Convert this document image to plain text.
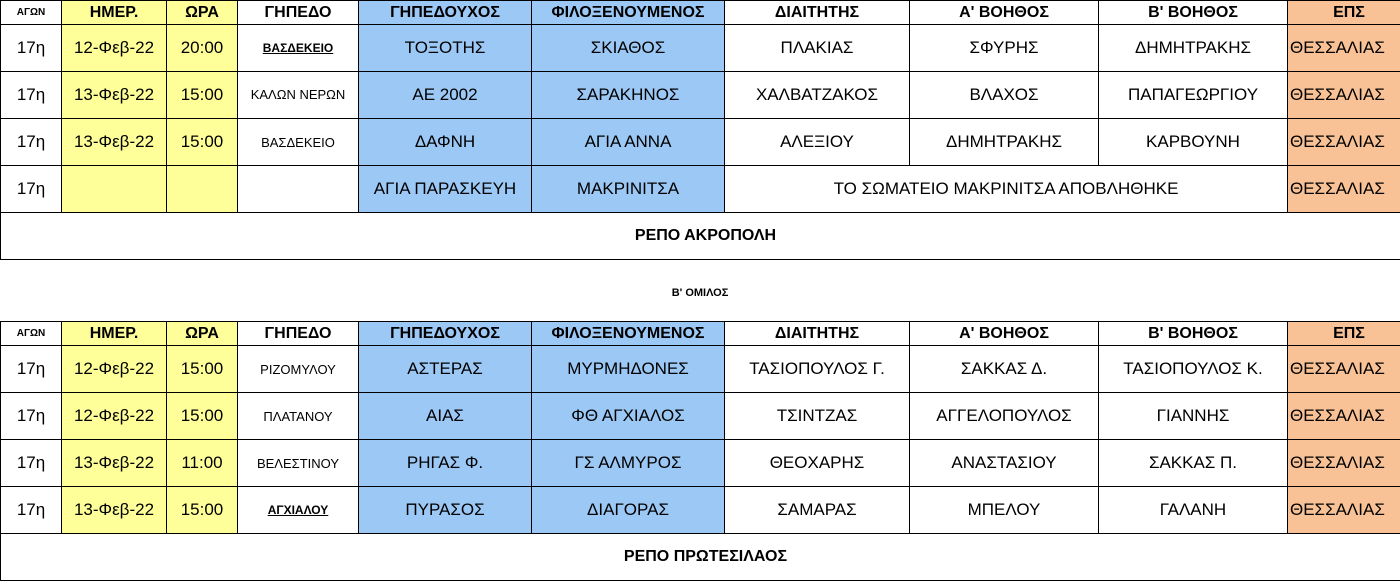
ΑΓΩΝ	ΗΜΕΡ.	ΩΡΑ	ΓΗΠΕΔΟ	ΓΗΠΕΔΟΥΧΟΣ	ΦΙΛΟΞΕΝΟΥΜΕΝΟΣ	ΔΙΑΙΤΗΤΗΣ	Α' ΒΟΗΘΟΣ	Β' ΒΟΗΘΟΣ	ΕΠΣ
17η	12-Φεβ-22	20:00	ΒΑΣΔΕΚΕΙΟ	ΤΟΞΟΤΗΣ	ΣΚΙΑΘΟΣ	ΠΛΑΚΙΑΣ	ΣΦΥΡΗΣ	ΔΗΜΗΤΡΑΚΗΣ	ΘΕΣΣΑΛΙΑΣ
17η	13-Φεβ-22	15:00	ΚΑΛΩΝ ΝΕΡΩΝ	ΑΕ 2002	ΣΑΡΑΚΗΝΟΣ	ΧΑΛΒΑΤΖΑΚΟΣ	ΒΛΑΧΟΣ	ΠΑΠΑΓΕΩΡΓΙΟΥ	ΘΕΣΣΑΛΙΑΣ
17η	13-Φεβ-22	15:00	ΒΑΣΔΕΚΕΙΟ	ΔΑΦΝΗ	ΑΓΙΑ ΑΝΝΑ	ΑΛΕΞΙΟΥ	ΔΗΜΗΤΡΑΚΗΣ	ΚΑΡΒΟΥΝΗ	ΘΕΣΣΑΛΙΑΣ
17η				ΑΓΙΑ ΠΑΡΑΣΚΕΥΗ	ΜΑΚΡΙΝΙΤΣΑ	ΤΟ ΣΩΜΑΤΕΙΟ ΜΑΚΡΙΝΙΤΣΑ ΑΠΟΒΛΗΘΗΚΕ			ΘΕΣΣΑΛΙΑΣ
ΡΕΠΟ ΑΚΡΟΠΟΛΗ									
Β' ΟΜΙΛΟΣ
ΑΓΩΝ	ΗΜΕΡ.	ΩΡΑ	ΓΗΠΕΔΟ	ΓΗΠΕΔΟΥΧΟΣ	ΦΙΛΟΞΕΝΟΥΜΕΝΟΣ	ΔΙΑΙΤΗΤΗΣ	Α' ΒΟΗΘΟΣ	Β' ΒΟΗΘΟΣ	ΕΠΣ
17η	12-Φεβ-22	15:00	ΡΙΖΟΜΥΛΟΥ	ΑΣΤΕΡΑΣ	ΜΥΡΜΗΔΟΝΕΣ	ΤΑΣΙΟΠΟΥΛΟΣ Γ.	ΣΑΚΚΑΣ Δ.	ΤΑΣΙΟΠΟΥΛΟΣ Κ.	ΘΕΣΣΑΛΙΑΣ
17η	12-Φεβ-22	15:00	ΠΛΑΤΑΝΟΥ	ΑΙΑΣ	ΦΘ ΑΓΧΙΑΛΟΣ	ΤΣΙΝΤΖΑΣ	ΑΓΓΕΛΟΠΟΥΛΟΣ	ΓΙΑΝΝΗΣ	ΘΕΣΣΑΛΙΑΣ
17η	13-Φεβ-22	11:00	ΒΕΛΕΣΤΙΝΟΥ	ΡΗΓΑΣ Φ.	ΓΣ ΑΛΜΥΡΟΣ	ΘΕΟΧΑΡΗΣ	ΑΝΑΣΤΑΣΙΟΥ	ΣΑΚΚΑΣ Π.	ΘΕΣΣΑΛΙΑΣ
17η	13-Φεβ-22	15:00	ΑΓΧΙΑΛΟΥ	ΠΥΡΑΣΟΣ	ΔΙΑΓΟΡΑΣ	ΣΑΜΑΡΑΣ	ΜΠΕΛΟΥ	ΓΑΛΑΝΗ	ΘΕΣΣΑΛΙΑΣ
ΡΕΠΟ ΠΡΩΤΕΣΙΛΑΟΣ									
